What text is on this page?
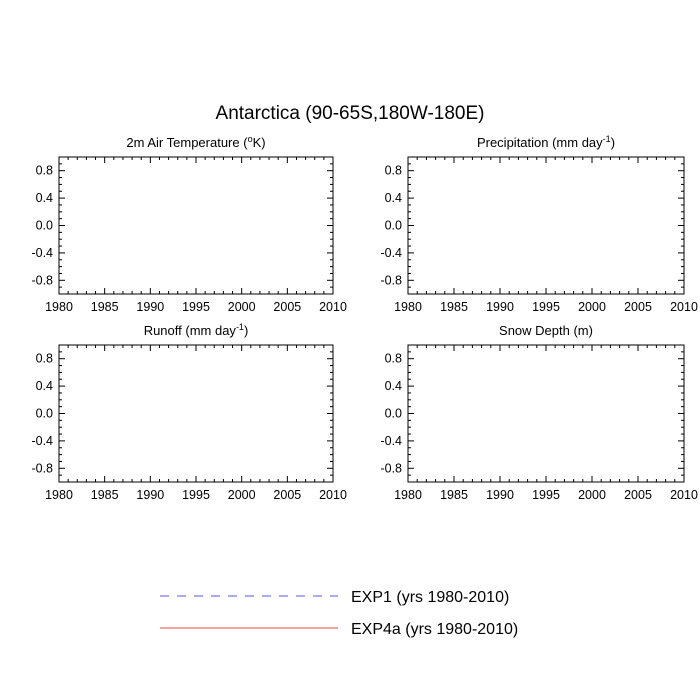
Antarctica (90-65S,180W-180E)
2m Air Temperature ($^o$K)
1980 1985 1990 1995 2000 2005 2010
0.8
0.4
0.0
-0.4
-0.8
Precipitation (mm day$^{-1}$)
1980 1985 1990 1995 2000 2005 2010
0.8
0.4
0.0
-0.4
-0.8
Runoff (mm day$^{-1}$)
1980 1985 1990 1995 2000 2005 2010
0.8
0.4
0.0
-0.4
-0.8
Snow Depth (m)
1980 1985 1990 1995 2000 2005 2010
0.8
0.4
0.0
-0.4
-0.8
EXP1 (yrs 1980-2010)
EXP4a (yrs 1980-2010)
